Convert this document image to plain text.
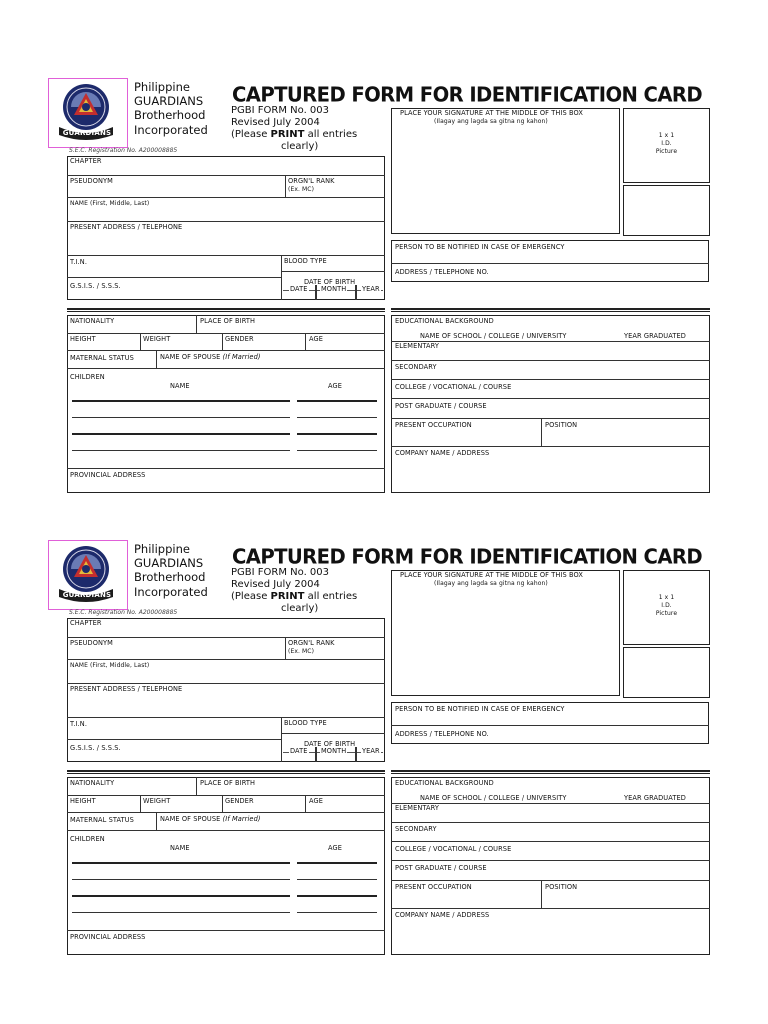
GUARDIANS
Philippine
GUARDIANS
Brotherhood
Incorporated
CAPTURED FORM FOR IDENTIFICATION CARD
PGBI FORM No. 003
Revised July 2004
(Please PRINT all entries
clearly)
S.E.C. Registration No. A200008885
CHAPTER
PSEUDONYM	ORGN'L RANK
(Ex. MC)
NAME (First, Middle, Last)
PRESENT ADDRESS / TELEPHONE
T.I.N.	BLOOD TYPE
G.S.I.S. / S.S.S.	DATE OF BIRTH
DATE MONTH YEAR
PLACE YOUR SIGNATURE AT THE MIDDLE OF THIS BOX
(Ilagay ang lagda sa gitna ng kahon)
1 x 1
I.D.
Picture
PERSON TO BE NOTIFIED IN CASE OF EMERGENCY
ADDRESS / TELEPHONE NO.
NATIONALITY	PLACE OF BIRTH
HEIGHT	WEIGHT	GENDER	AGE
MATERNAL STATUS	NAME OF SPOUSE (If Married)
CHILDREN
NAME	AGE
PROVINCIAL ADDRESS
EDUCATIONAL BACKGROUND
NAME OF SCHOOL / COLLEGE / UNIVERSITY	YEAR GRADUATED
ELEMENTARY
SECONDARY
COLLEGE / VOCATIONAL / COURSE
POST GRADUATE / COURSE
PRESENT OCCUPATION	POSITION
COMPANY NAME / ADDRESS
GUARDIANS
Philippine
GUARDIANS
Brotherhood
Incorporated
CAPTURED FORM FOR IDENTIFICATION CARD
PGBI FORM No. 003
Revised July 2004
(Please PRINT all entries
clearly)
S.E.C. Registration No. A200008885
CHAPTER
PSEUDONYM	ORGN'L RANK
(Ex. MC)
NAME (First, Middle, Last)
PRESENT ADDRESS / TELEPHONE
T.I.N.	BLOOD TYPE
G.S.I.S. / S.S.S.	DATE OF BIRTH
DATE MONTH YEAR
PLACE YOUR SIGNATURE AT THE MIDDLE OF THIS BOX
(Ilagay ang lagda sa gitna ng kahon)
1 x 1
I.D.
Picture
PERSON TO BE NOTIFIED IN CASE OF EMERGENCY
ADDRESS / TELEPHONE NO.
NATIONALITY	PLACE OF BIRTH
HEIGHT	WEIGHT	GENDER	AGE
MATERNAL STATUS	NAME OF SPOUSE (If Married)
CHILDREN
NAME	AGE
PROVINCIAL ADDRESS
EDUCATIONAL BACKGROUND
NAME OF SCHOOL / COLLEGE / UNIVERSITY	YEAR GRADUATED
ELEMENTARY
SECONDARY
COLLEGE / VOCATIONAL / COURSE
POST GRADUATE / COURSE
PRESENT OCCUPATION	POSITION
COMPANY NAME / ADDRESS
